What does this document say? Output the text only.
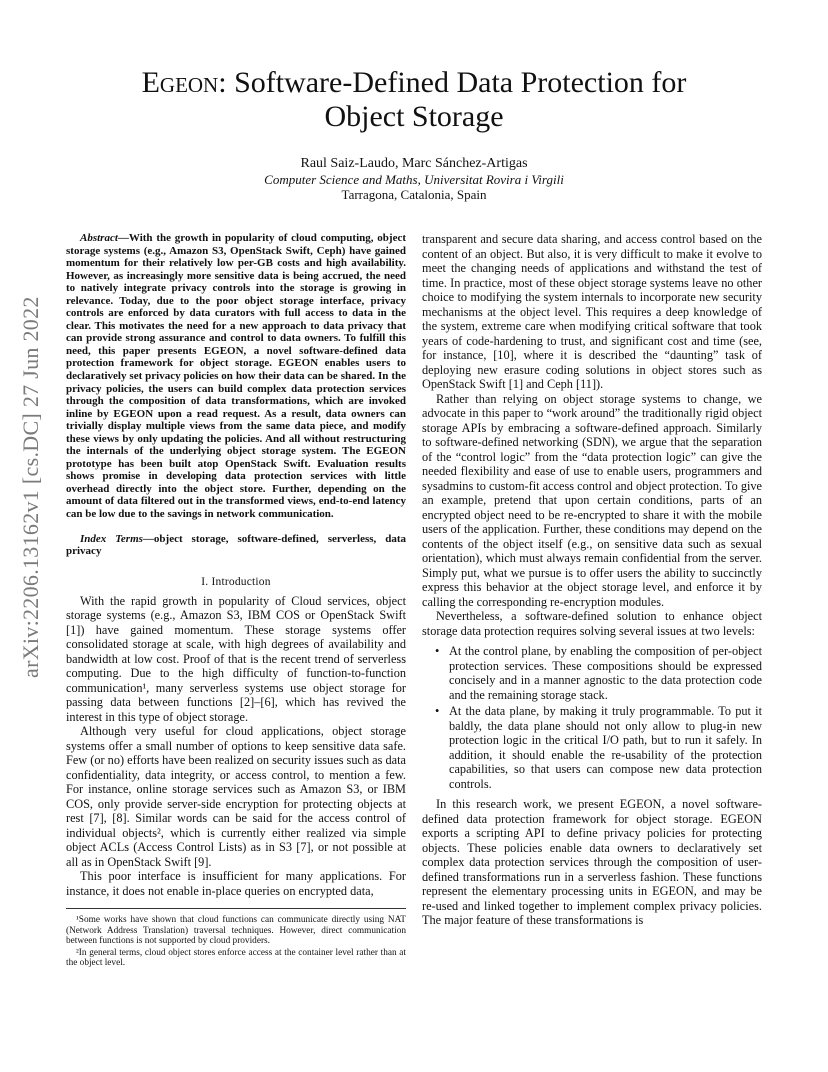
arXiv:2206.13162v1 [cs.DC] 27 Jun 2022
Egeon: Software-Defined Data Protection for
Object Storage
Raul Saiz-Laudo, Marc Sánchez-Artigas
Computer Science and Maths, Universitat Rovira i Virgili
Tarragona, Catalonia, Spain

Abstract—With the growth in popularity of cloud computing, object storage systems (e.g., Amazon S3, OpenStack Swift, Ceph) have gained momentum for their relatively low per-GB costs and high availability. However, as increasingly more sensitive data is being accrued, the need to natively integrate privacy controls into the storage is growing in relevance. Today, due to the poor object storage interface, privacy controls are enforced by data curators with full access to data in the clear. This motivates the need for a new approach to data privacy that can provide strong assurance and control to data owners. To fulfill this need, this paper presents EGEON, a novel software-defined data protection framework for object storage. EGEON enables users to declaratively set privacy policies on how their data can be shared. In the privacy policies, the users can build complex data protection services through the composition of data transformations, which are invoked inline by EGEON upon a read request. As a result, data owners can trivially display multiple views from the same data piece, and modify these views by only updating the policies. And all without restructuring the internals of the underlying object storage system. The EGEON prototype has been built atop OpenStack Swift. Evaluation results shows promise in developing data protection services with little overhead directly into the object store. Further, depending on the amount of data filtered out in the transformed views, end-to-end latency can be low due to the savings in network communication.

Index Terms—object storage, software-defined, serverless, data privacy

I. Introduction

With the rapid growth in popularity of Cloud services, object storage systems (e.g., Amazon S3, IBM COS or OpenStack Swift [1]) have gained momentum. These storage systems offer consolidated storage at scale, with high degrees of availability and bandwidth at low cost. Proof of that is the recent trend of serverless computing. Due to the high difficulty of function-to-function communication¹, many serverless systems use object storage for passing data between functions [2]–[6], which has revived the interest in this type of object storage.

Although very useful for cloud applications, object storage systems offer a small number of options to keep sensitive data safe. Few (or no) efforts have been realized on security issues such as data confidentiality, data integrity, or access control, to mention a few. For instance, online storage services such as Amazon S3, or IBM COS, only provide server-side encryption for protecting objects at rest [7], [8]. Similar words can be said for the access control of individual objects², which is currently either realized via simple object ACLs (Access Control Lists) as in S3 [7], or not possible at all as in OpenStack Swift [9].

This poor interface is insufficient for many applications. For instance, it does not enable in-place queries on encrypted data,

¹Some works have shown that cloud functions can communicate directly using NAT (Network Address Translation) traversal techniques. However, direct communication between functions is not supported by cloud providers.

²In general terms, cloud object stores enforce access at the container level rather than at the object level.

transparent and secure data sharing, and access control based on the content of an object. But also, it is very difficult to make it evolve to meet the changing needs of applications and withstand the test of time. In practice, most of these object storage systems leave no other choice to modifying the system internals to incorporate new security mechanisms at the object level. This requires a deep knowledge of the system, extreme care when modifying critical software that took years of code-hardening to trust, and significant cost and time (see, for instance, [10], where it is described the “daunting” task of deploying new erasure coding solutions in object stores such as OpenStack Swift [1] and Ceph [11]).

Rather than relying on object storage systems to change, we advocate in this paper to “work around” the traditionally rigid object storage APIs by embracing a software-defined approach. Similarly to software-defined networking (SDN), we argue that the separation of the “control logic” from the “data protection logic” can give the needed flexibility and ease of use to enable users, programmers and sysadmins to custom-fit access control and object protection. To give an example, pretend that upon certain conditions, parts of an encrypted object need to be re-encrypted to share it with the mobile users of the application. Further, these conditions may depend on the contents of the object itself (e.g., on sensitive data such as sexual orientation), which must always remain confidential from the server. Simply put, what we pursue is to offer users the ability to succinctly express this behavior at the object storage level, and enforce it by calling the corresponding re-encryption modules.

Nevertheless, a software-defined solution to enhance object storage data protection requires solving several issues at two levels:

• At the control plane, by enabling the composition of per-object protection services. These compositions should be expressed concisely and in a manner agnostic to the data protection code and the remaining storage stack.
• At the data plane, by making it truly programmable. To put it baldly, the data plane should not only allow to plug-in new protection logic in the critical I/O path, but to run it safely. In addition, it should enable the re-usability of the protection capabilities, so that users can compose new data protection controls.

In this research work, we present EGEON, a novel software-defined data protection framework for object storage. EGEON exports a scripting API to define privacy policies for protecting objects. These policies enable data owners to declaratively set complex data protection services through the composition of user-defined transformations run in a serverless fashion. These functions represent the elementary processing units in EGEON, and may be re-used and linked together to implement complex privacy policies. The major feature of these transformations is
